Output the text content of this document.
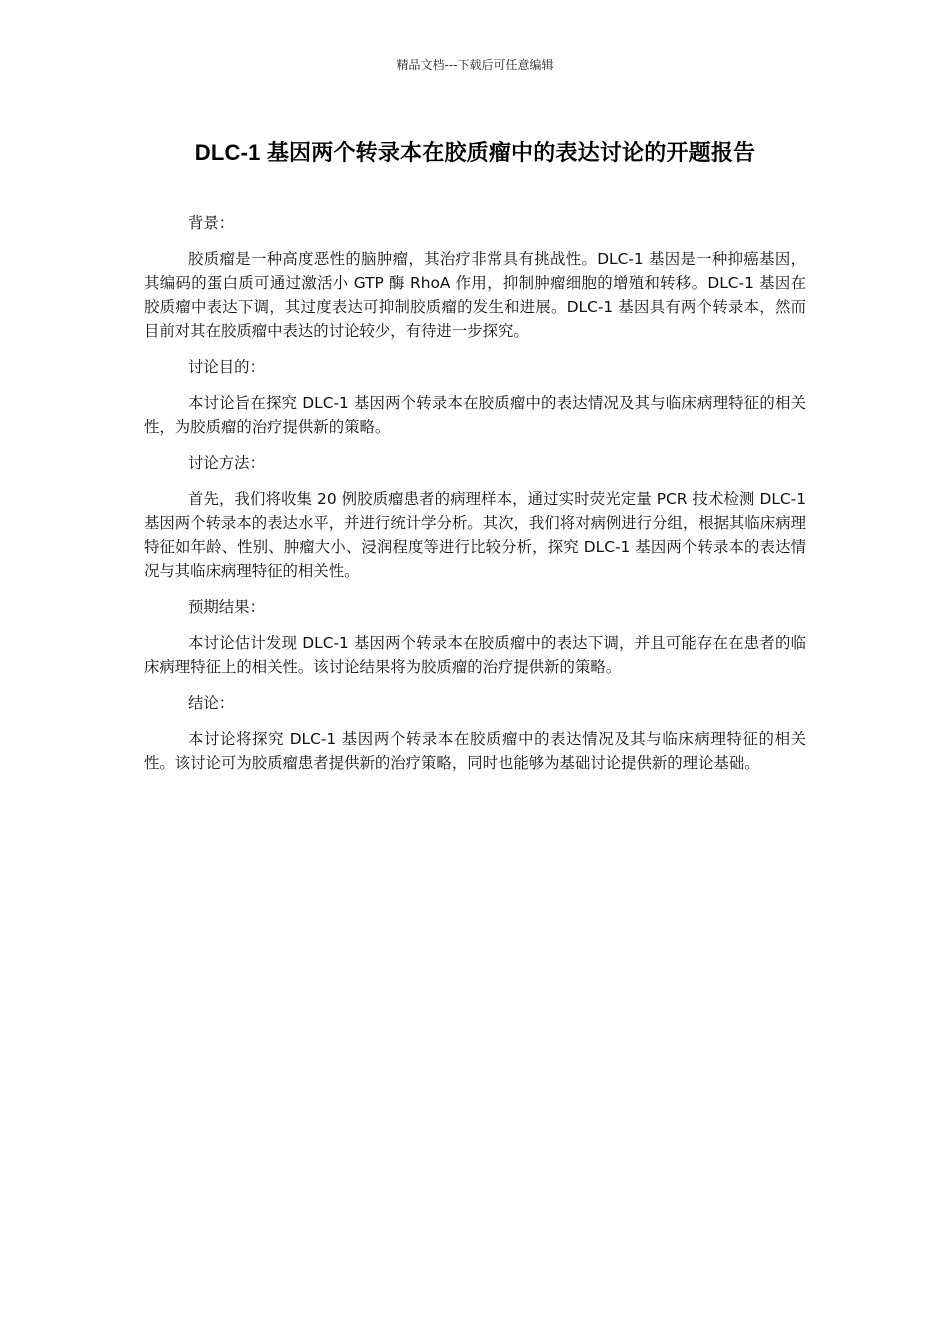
精品文档---下载后可任意编辑
DLC-1 基因两个转录本在胶质瘤中的表达讨论的开题报告

背景：

胶质瘤是一种高度恶性的脑肿瘤，其治疗非常具有挑战性。DLC-1 基因是一种抑癌基因，其编码的蛋白质可通过激活小 GTP 酶 RhoA 作用，抑制肿瘤细胞的增殖和转移。DLC-1 基因在胶质瘤中表达下调，其过度表达可抑制胶质瘤的发生和进展。DLC-1 基因具有两个转录本，然而目前对其在胶质瘤中表达的讨论较少，有待进一步探究。

讨论目的：

本讨论旨在探究 DLC-1 基因两个转录本在胶质瘤中的表达情况及其与临床病理特征的相关性，为胶质瘤的治疗提供新的策略。

讨论方法：

首先，我们将收集 20 例胶质瘤患者的病理样本，通过实时荧光定量 PCR 技术检测 DLC-1 基因两个转录本的表达水平，并进行统计学分析。其次，我们将对病例进行分组，根据其临床病理特征如年龄、性别、肿瘤大小、浸润程度等进行比较分析，探究 DLC-1 基因两个转录本的表达情况与其临床病理特征的相关性。

预期结果：

本讨论估计发现 DLC-1 基因两个转录本在胶质瘤中的表达下调，并且可能存在在患者的临床病理特征上的相关性。该讨论结果将为胶质瘤的治疗提供新的策略。

结论：

本讨论将探究 DLC-1 基因两个转录本在胶质瘤中的表达情况及其与临床病理特征的相关性。该讨论可为胶质瘤患者提供新的治疗策略，同时也能够为基础讨论提供新的理论基础。
